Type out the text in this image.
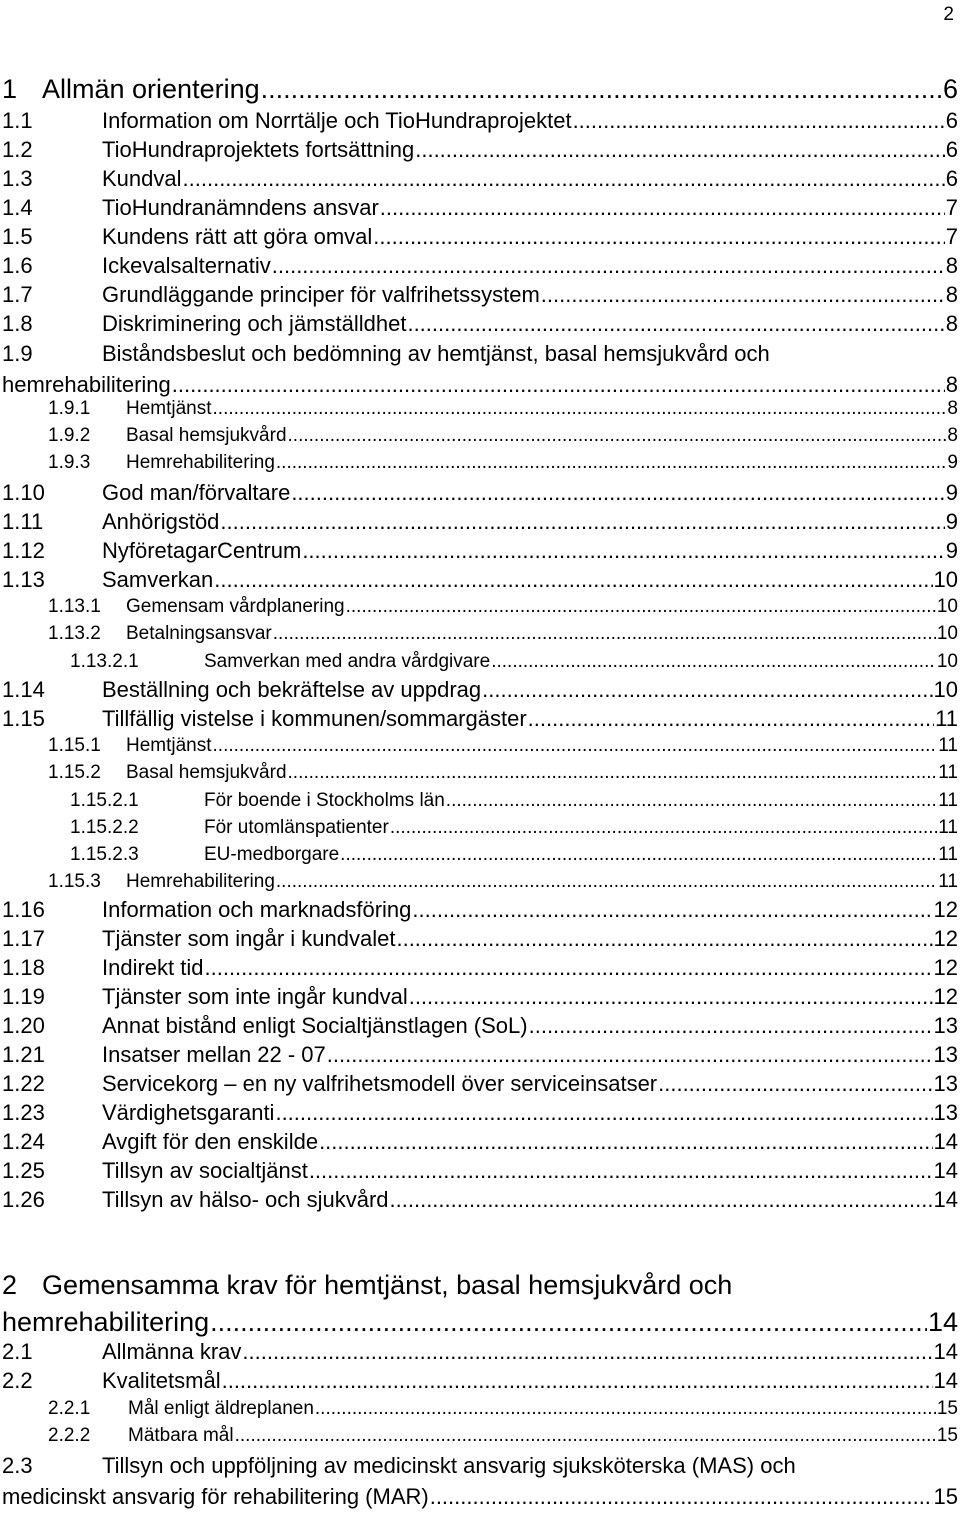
2
1 Allmän orientering .....	6
1.1	Information om Norrtälje och TioHundraprojektet .....	6
1.2	TioHundraprojektets fortsättning .....	6
1.3	Kundval .....	6
1.4	TioHundranämndens ansvar .....	7
1.5	Kundens rätt att göra omval .....	7
1.6	Ickevalsalternativ .....	8
1.7	Grundläggande principer för valfrihetssystem .....	8
1.8	Diskriminering och jämställdhet .....	8
1.9	Biståndsbeslut och bedömning av hemtjänst, basal hemsjukvård och
hemrehabilitering .....	8
1.9.1 Hemtjänst .....	8
1.9.2 Basal hemsjukvård .....	8
1.9.3 Hemrehabilitering .....	9
1.10	God man/förvaltare .....	9
1.11	Anhörigstöd .....	9
1.12	NyföretagarCentrum .....	9
1.13	Samverkan .....	10
1.13.1 Gemensam vårdplanering .....	10
1.13.2 Betalningsansvar .....	10
1.13.2.1	Samverkan med andra vårdgivare .....	10
1.14	Beställning och bekräftelse av uppdrag .....	10
1.15	Tillfällig vistelse i kommunen/sommargäster .....	11
1.15.1 Hemtjänst .....	11
1.15.2 Basal hemsjukvård .....	11
1.15.2.1	För boende i Stockholms län .....	11
1.15.2.2	För utomlänspatienter .....	11
1.15.2.3	EU-medborgare .....	11
1.15.3 Hemrehabilitering .....	11
1.16	Information och marknadsföring .....	12
1.17	Tjänster som ingår i kundvalet .....	12
1.18	Indirekt tid .....	12
1.19	Tjänster som inte ingår kundval .....	12
1.20	Annat bistånd enligt Socialtjänstlagen (SoL) .....	13
1.21	Insatser mellan 22 - 07 .....	13
1.22	Servicekorg – en ny valfrihetsmodell över serviceinsatser .....	13
1.23	Värdighetsgaranti .....	13
1.24	Avgift för den enskilde .....	14
1.25	Tillsyn av socialtjänst .....	14
1.26	Tillsyn av hälso- och sjukvård .....	14
2 Gemensamma krav för hemtjänst, basal hemsjukvård och
hemrehabilitering .....	14
2.1	Allmänna krav .....	14
2.2	Kvalitetsmål .....	14
2.2.1 Mål enligt äldreplanen .....	15
2.2.2 Mätbara mål .....	15
2.3	Tillsyn och uppföljning av medicinskt ansvarig sjuksköterska (MAS) och
medicinskt ansvarig för rehabilitering (MAR) .....	15
